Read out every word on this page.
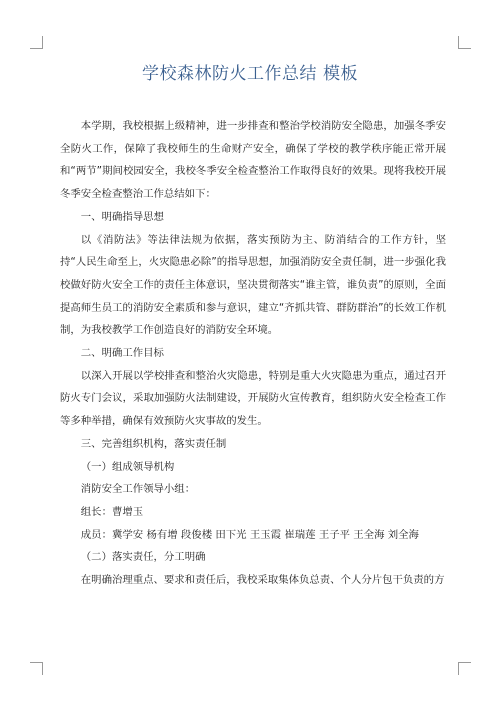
学校森林防火工作总结 模板

本学期，我校根据上级精神，进一步排查和整治学校消防安全隐患，加强冬季安全防火工作，保障了我校师生的生命财产安全，确保了学校的教学秩序能正常开展和“两节”期间校园安全，我校冬季安全检查整治工作取得良好的效果。现将我校开展冬季安全检查整治工作总结如下：

一、明确指导思想

以《消防法》等法律法规为依据，落实预防为主、防消结合的工作方针，坚持“人民生命至上，火灾隐患必除”的指导思想，加强消防安全责任制，进一步强化我校做好防火安全工作的责任主体意识，坚决贯彻落实“谁主管，谁负责”的原则，全面提高师生员工的消防安全素质和参与意识，建立“齐抓共管、群防群治”的长效工作机制，为我校教学工作创造良好的消防安全环境。

二、明确工作目标

以深入开展以学校排查和整治火灾隐患，特别是重大火灾隐患为重点，通过召开防火专门会议，采取加强防火法制建设，开展防火宣传教育，组织防火安全检查工作等多种举措，确保有效预防火灾事故的发生。

三、完善组织机构，落实责任制

（一）组成领导机构

消防安全工作领导小组：

组长：曹增玉

成员：冀学安 杨有增 段俊楼 田下光 王玉霞 崔瑞莲 王子平 王全海 刘全海

（二）落实责任，分工明确

在明确治理重点、要求和责任后，我校采取集体负总责、个人分片包干负责的方
